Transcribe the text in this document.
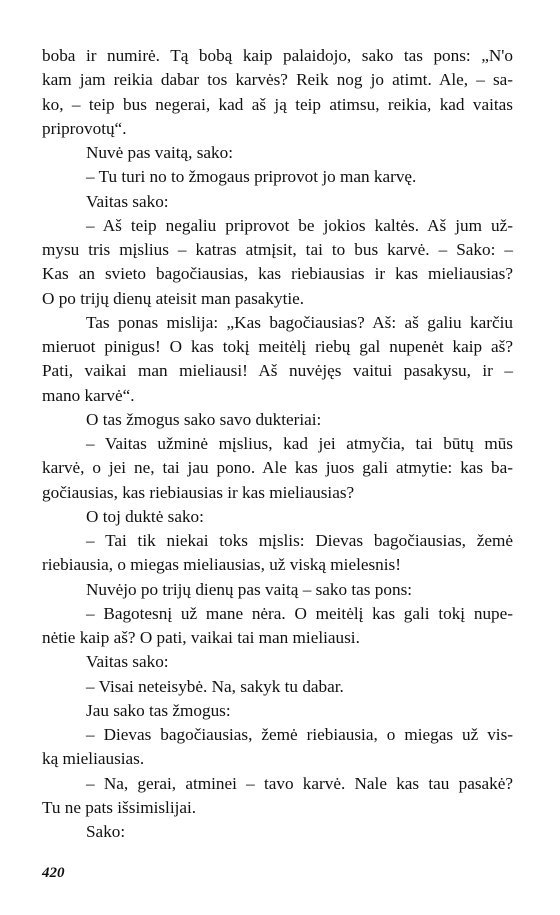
boba ir numirė. Tą bobą kaip palaidojo, sako tas pons: „N'o
kam jam reikia dabar tos karvės? Reik nog jo atimt. Ale, – sa-
ko, – teip bus negerai, kad aš ją teip atimsu, reikia, kad vaitas
priprovotų“.
Nuvė pas vaitą, sako:
– Tu turi no to žmogaus priprovot jo man karvę.
Vaitas sako:
– Aš teip negaliu priprovot be jokios kaltės. Aš jum už-
mysu tris mįslius – katras atmįsit, tai to bus karvė. – Sako: –
Kas an svieto bagočiausias, kas riebiausias ir kas mieliausias?
O po trijų dienų ateisit man pasakytie.
Tas ponas mislija: „Kas bagočiausias? Aš: aš galiu karčiu
mieruot pinigus! O kas tokį meitėlį riebų gal nupenėt kaip aš?
Pati, vaikai man mieliausi! Aš nuvėjęs vaitui pasakysu, ir –
mano karvė“.
O tas žmogus sako savo dukteriai:
– Vaitas užminė mįslius, kad jei atmyčia, tai būtų mūs
karvė, o jei ne, tai jau pono. Ale kas juos gali atmytie: kas ba-
gočiausias, kas riebiausias ir kas mieliausias?
O toj duktė sako:
– Tai tik niekai toks mįslis: Dievas bagočiausias, žemė
riebiausia, o miegas mieliausias, už viską mielesnis!
Nuvėjo po trijų dienų pas vaitą – sako tas pons:
– Bagotesnį už mane nėra. O meitėlį kas gali tokį nupe-
nėtie kaip aš? O pati, vaikai tai man mieliausi.
Vaitas sako:
– Visai neteisybė. Na, sakyk tu dabar.
Jau sako tas žmogus:
– Dievas bagočiausias, žemė riebiausia, o miegas už vis-
ką mieliausias.
– Na, gerai, atminei – tavo karvė. Nale kas tau pasakė?
Tu ne pats išsimislijai.
Sako:
420
